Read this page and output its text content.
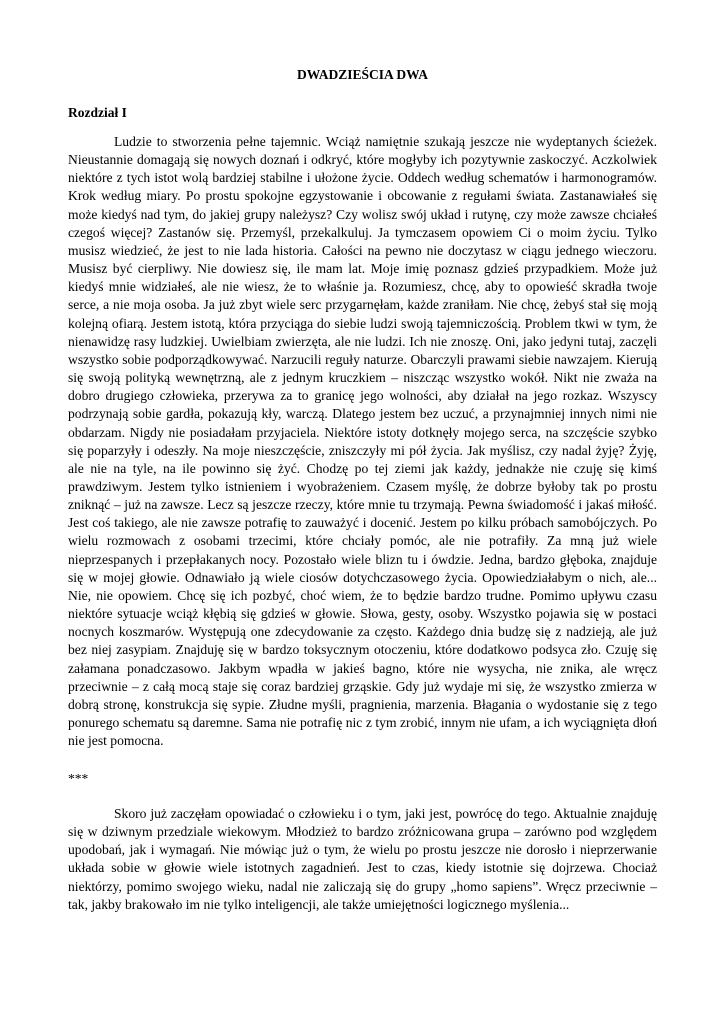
DWADZIEŚCIA DWA
Rozdział I

Ludzie to stworzenia pełne tajemnic. Wciąż namiętnie szukają jeszcze nie wydeptanych ścieżek. Nieustannie domagają się nowych doznań i odkryć, które mogłyby ich pozytywnie zaskoczyć. Aczkolwiek niektóre z tych istot wolą bardziej stabilne i ułożone życie. Oddech według schematów i harmonogramów. Krok według miary. Po prostu spokojne egzystowanie i obcowanie z regułami świata. Zastanawiałeś się może kiedyś nad tym, do jakiej grupy należysz? Czy wolisz swój układ i rutynę, czy może zawsze chciałeś czegoś więcej? Zastanów się. Przemyśl, przekalkuluj. Ja tymczasem opowiem Ci o moim życiu. Tylko musisz wiedzieć, że jest to nie lada historia. Całości na pewno nie doczytasz w ciągu jednego wieczoru. Musisz być cierpliwy. Nie dowiesz się, ile mam lat. Moje imię poznasz gdzieś przypadkiem. Może już kiedyś mnie widziałeś, ale nie wiesz, że to właśnie ja. Rozumiesz, chcę, aby to opowieść skradła twoje serce, a nie moja osoba. Ja już zbyt wiele serc przygarnęłam, każde zraniłam. Nie chcę, żebyś stał się moją kolejną ofiarą. Jestem istotą, która przyciąga do siebie ludzi swoją tajemniczością. Problem tkwi w tym, że nienawidzę rasy ludzkiej. Uwielbiam zwierzęta, ale nie ludzi. Ich nie znoszę. Oni, jako jedyni tutaj, zaczęli wszystko sobie podporządkowywać. Narzucili reguły naturze. Obarczyli prawami siebie nawzajem. Kierują się swoją polityką wewnętrzną, ale z jednym kruczkiem – niszcząc wszystko wokół. Nikt nie zważa na dobro drugiego człowieka, przerywa za to granicę jego wolności, aby działał na jego rozkaz. Wszyscy podrzynają sobie gardła, pokazują kły, warczą. Dlatego jestem bez uczuć, a przynajmniej innych nimi nie obdarzam. Nigdy nie posiadałam przyjaciela. Niektóre istoty dotknęły mojego serca, na szczęście szybko się poparzyły i odeszły. Na moje nieszczęście, zniszczyły mi pół życia. Jak myślisz, czy nadal żyję? Żyję, ale nie na tyle, na ile powinno się żyć. Chodzę po tej ziemi jak każdy, jednakże nie czuję się kimś prawdziwym. Jestem tylko istnieniem i wyobrażeniem. Czasem myślę, że dobrze byłoby tak po prostu zniknąć – już na zawsze. Lecz są jeszcze rzeczy, które mnie tu trzymają. Pewna świadomość i jakaś miłość. Jest coś takiego, ale nie zawsze potrafię to zauważyć i docenić. Jestem po kilku próbach samobójczych. Po wielu rozmowach z osobami trzecimi, które chciały pomóc, ale nie potrafiły. Za mną już wiele nieprzespanych i przepłakanych nocy. Pozostało wiele blizn tu i ówdzie. Jedna, bardzo głęboka, znajduje się w mojej głowie. Odnawiało ją wiele ciosów dotychczasowego życia. Opowiedziałabym o nich, ale... Nie, nie opowiem. Chcę się ich pozbyć, choć wiem, że to będzie bardzo trudne. Pomimo upływu czasu niektóre sytuacje wciąż kłębią się gdzieś w głowie. Słowa, gesty, osoby. Wszystko pojawia się w postaci nocnych koszmarów. Występują one zdecydowanie za często. Każdego dnia budzę się z nadzieją, ale już bez niej zasypiam. Znajduję się w bardzo toksycznym otoczeniu, które dodatkowo podsyca zło. Czuję się załamana ponadczasowo. Jakbym wpadła w jakieś bagno, które nie wysycha, nie znika, ale wręcz przeciwnie – z całą mocą staje się coraz bardziej grząskie. Gdy już wydaje mi się, że wszystko zmierza w dobrą stronę, konstrukcja się sypie. Złudne myśli, pragnienia, marzenia. Błagania o wydostanie się z tego ponurego schematu są daremne. Sama nie potrafię nic z tym zrobić, innym nie ufam, a ich wyciągnięta dłoń nie jest pomocna.

***

Skoro już zaczęłam opowiadać o człowieku i o tym, jaki jest, powrócę do tego. Aktualnie znajduję się w dziwnym przedziale wiekowym. Młodzież to bardzo zróżnicowana grupa – zarówno pod względem upodobań, jak i wymagań. Nie mówiąc już o tym, że wielu po prostu jeszcze nie dorosło i nieprzerwanie układa sobie w głowie wiele istotnych zagadnień. Jest to czas, kiedy istotnie się dojrzewa. Chociaż niektórzy, pomimo swojego wieku, nadal nie zaliczają się do grupy „homo sapiens”. Wręcz przeciwnie – tak, jakby brakowało im nie tylko inteligencji, ale także umiejętności logicznego myślenia...
